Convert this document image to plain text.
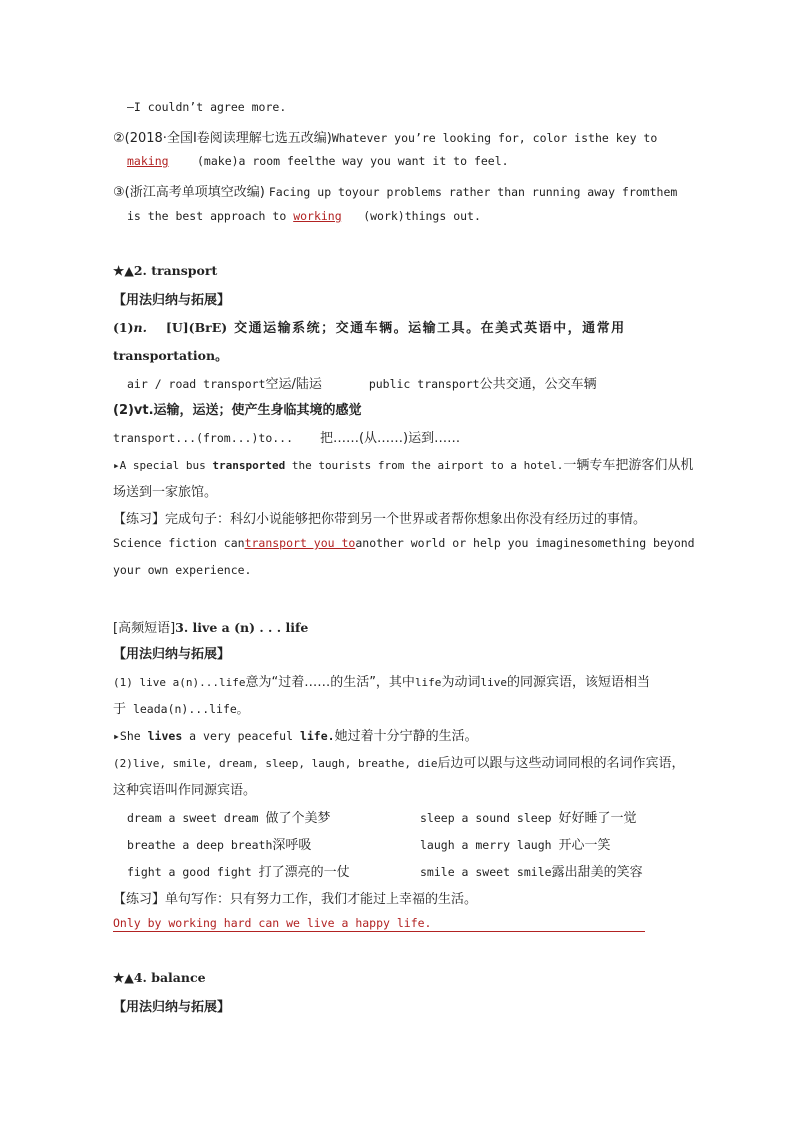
—I couldn’t agree more.
②(2018·全国Ⅰ卷阅读理解七选五改编)Whatever you’re looking for, color isthe key to
making (make)a room feelthe way you want it to feel.
③(浙江高考单项填空改编) Facing up toyour problems rather than running away fromthem
is the best approach to working (work)things out.
★▲2. transport
【用法归纳与拓展】
(1)n. [U](BrE) 交通运输系统；交通车辆。运输工具。在美式英语中，通常用
transportation。
air / road transport空运/陆运	public transport公共交通，公交车辆
(2)vt.运输，运送；使产生身临其境的感觉
transport...(from...)to... 把……(从……)运到……
▸A special bus transported the tourists from the airport to a hotel.一辆专车把游客们从机
场送到一家旅馆。
【练习】完成句子：科幻小说能够把你带到另一个世界或者帮你想象出你没有经历过的事情。
Science fiction cantransport you toanother world or help you imaginesomething beyond
your own experience.
[高频短语]3. live a (n) . . . life
【用法归纳与拓展】
(1) live a(n)...life意为“过着……的生活”，其中life为动词live的同源宾语，该短语相当
于 leada(n)...life。
▸She lives a very peaceful life.她过着十分宁静的生活。
(2)live, smile, dream, sleep, laugh, breathe, die后边可以跟与这些动词同根的名词作宾语，
这种宾语叫作同源宾语。
dream a sweet dream 做了个美梦	sleep a sound sleep 好好睡了一觉
breathe a deep breath深呼吸	laugh a merry laugh 开心一笑
fight a good fight 打了漂亮的一仗	smile a sweet smile露出甜美的笑容
【练习】单句写作：只有努力工作，我们才能过上幸福的生活。
Only by working hard can we live a happy life.
★▲4. balance
【用法归纳与拓展】
